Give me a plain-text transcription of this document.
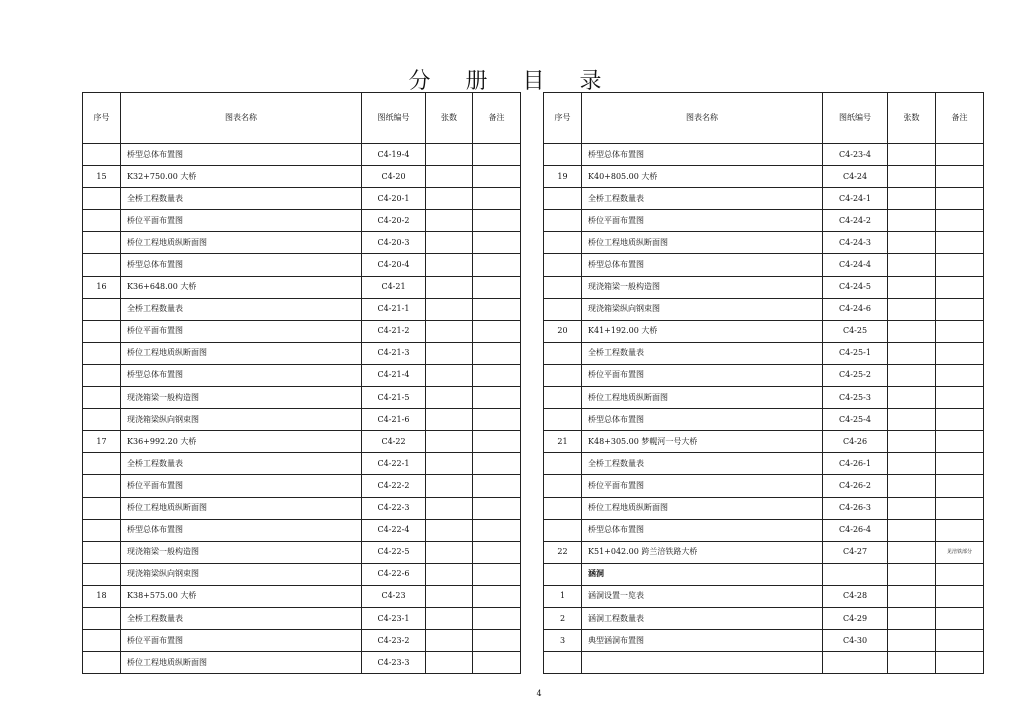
分 册 目 录
序号	图表名称	图纸编号	张数	备注
	桥型总体布置图	C4-19-4		
15	K32+750.00 大桥	C4-20		
	全桥工程数量表	C4-20-1		
	桥位平面布置图	C4-20-2		
	桥位工程地质纵断面图	C4-20-3		
	桥型总体布置图	C4-20-4		
16	K36+648.00 大桥	C4-21		
	全桥工程数量表	C4-21-1		
	桥位平面布置图	C4-21-2		
	桥位工程地质纵断面图	C4-21-3		
	桥型总体布置图	C4-21-4		
	现浇箱梁一般构造图	C4-21-5		
	现浇箱梁纵向钢束图	C4-21-6		
17	K36+992.20 大桥	C4-22		
	全桥工程数量表	C4-22-1		
	桥位平面布置图	C4-22-2		
	桥位工程地质纵断面图	C4-22-3		
	桥型总体布置图	C4-22-4		
	现浇箱梁一般构造图	C4-22-5		
	现浇箱梁纵向钢束图	C4-22-6		
18	K38+575.00 大桥	C4-23		
	全桥工程数量表	C4-23-1		
	桥位平面布置图	C4-23-2		
	桥位工程地质纵断面图	C4-23-3		
序号	图表名称	图纸编号	张数	备注
	桥型总体布置图	C4-23-4		
19	K40+805.00 大桥	C4-24		
	全桥工程数量表	C4-24-1		
	桥位平面布置图	C4-24-2		
	桥位工程地质纵断面图	C4-24-3		
	桥型总体布置图	C4-24-4		
	现浇箱梁一般构造图	C4-24-5		
	现浇箱梁纵向钢束图	C4-24-6		
20	K41+192.00 大桥	C4-25		
	全桥工程数量表	C4-25-1		
	桥位平面布置图	C4-25-2		
	桥位工程地质纵断面图	C4-25-3		
	桥型总体布置图	C4-25-4		
21	K48+305.00 梦幌河一号大桥	C4-26		
	全桥工程数量表	C4-26-1		
	桥位平面布置图	C4-26-2		
	桥位工程地质纵断面图	C4-26-3		
	桥型总体布置图	C4-26-4		
22	K51+042.00 跨兰涪铁路大桥	C4-27		见涪铁部分
	涵洞			
1	涵洞设置一览表	C4-28		
2	涵洞工程数量表	C4-29		
3	典型涵洞布置图	C4-30		

4
